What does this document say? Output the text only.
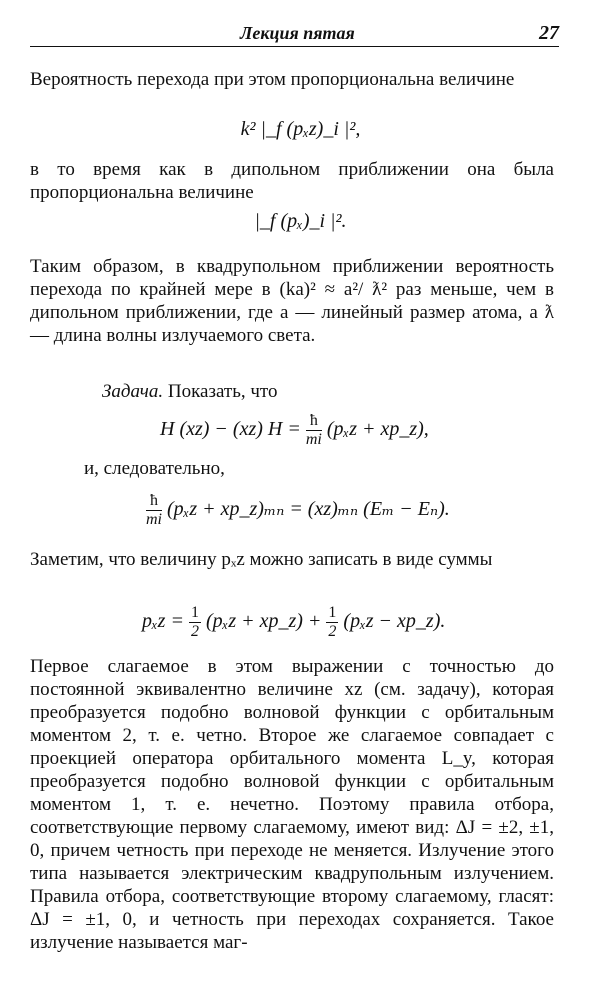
Лекция пятая	27
Вероятность перехода при этом пропорциональна величине
k² |_f (pₓz)_i |²,
в то время как в дипольном приближении она была пропорциональна величине
|_f (pₓ)_i |².
Таким образом, в квадрупольном приближении вероятность перехода по крайней мере в (ka)² ≈ a²/ ƛ² раз меньше, чем в дипольном приближении, где a — линейный размер атома, а ƛ — длина волны излучаемого света.
Задача. Показать, что
H (xz) − (xz) $H = \frac{ħ}{mi} (p_xz$ + xp_z),
и, следовательно,
$\frac{ħ}{mi} (p_xz$ + xp_z)ₘₙ = (xz)ₘₙ (Eₘ − Eₙ).
Заметим, что величину pₓz можно записать в виде суммы
$p_xz = \frac{1}{2} (p_xz$ + xp_z) + $\frac{1}{2} (p_xz$ − xp_z).
Первое слагаемое в этом выражении с точностью до постоянной эквивалентно величине xz (см. задачу), которая преобразуется подобно волновой функции с орбитальным моментом 2, т. е. четно. Второе же слагаемое совпадает с проекцией оператора орбитального момента L_y, которая преобразуется подобно волновой функции с орбитальным моментом 1, т. е. нечетно. Поэтому правила отбора, соответствующие первому слагаемому, имеют вид: ΔJ = ±2, ±1, 0, причем четность при переходе не меняется. Излучение этого типа называется электрическим квадрупольным излучением. Правила отбора, соответствующие второму слагаемому, гласят: ΔJ = ±1, 0, и четность при переходах сохраняется. Такое излучение называется маг-
